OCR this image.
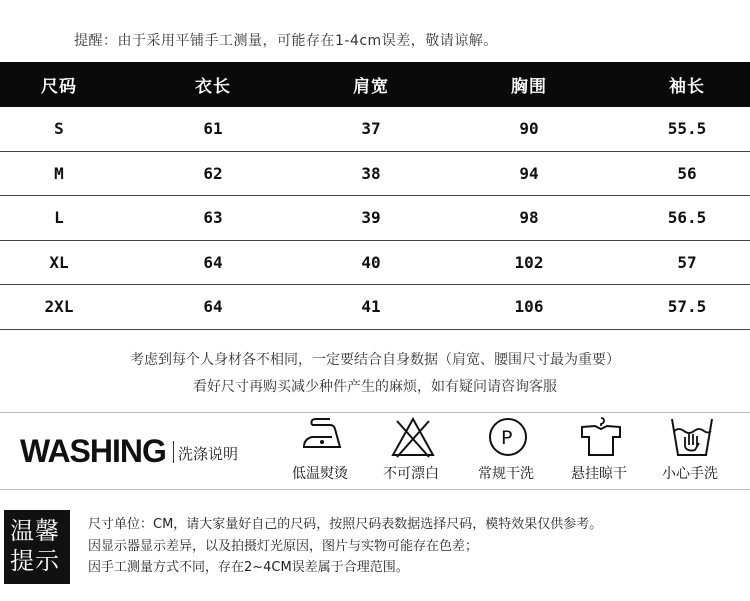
提醒：由于采用平铺手工测量，可能存在1-4cm误差，敬请谅解。
尺码	衣长	肩宽	胸围	袖长
S	61	37	90	55.5
M	62	38	94	56
L	63	39	98	56.5
XL	64	40	102	57
2XL	64	41	106	57.5
考虑到每个人身材各不相同，一定要结合自身数据（肩宽、腰围尺寸最为重要）
看好尺寸再购买减少种件产生的麻烦，如有疑问请咨询客服
WASHING 洗涤说明
低温熨烫	不可漂白
P
常规干洗	悬挂晾干	小心手洗
温馨
提示
尺寸单位：CM，请大家量好自己的尺码，按照尺码表数据选择尺码，模特效果仅供参考。
因显示器显示差异，以及拍摄灯光原因，图片与实物可能存在色差；
因手工测量方式不同，存在2~4CM误差属于合理范围。
